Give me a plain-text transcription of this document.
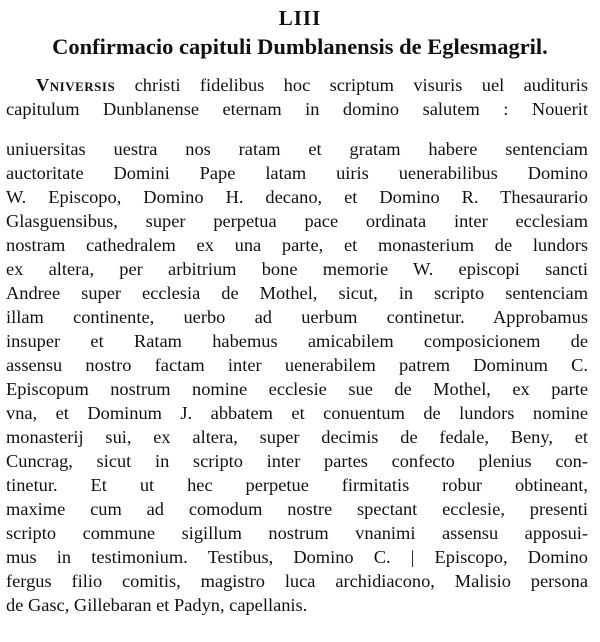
LIII
Confirmacio capituli Dumblanensis de Eglesmagril.
Vniversis christi fidelibus hoc scriptum visuris uel audituris
capitulum Dunblanense eternam in domino salutem : Nouerit
uniuersitas uestra nos ratam et gratam habere sentenciam
auctoritate Domini Pape latam uiris uenerabilibus Domino
W. Episcopo, Domino H. decano, et Domino R. Thesaurario
Glasguensibus, super perpetua pace ordinata inter ecclesiam
nostram cathedralem ex una parte, et monasterium de lundors
ex altera, per arbitrium bone memorie W. episcopi sancti
Andree super ecclesia de Mothel, sicut, in scripto sentenciam
illam continente, uerbo ad uerbum continetur. Approbamus
insuper et Ratam habemus amicabilem composicionem de
assensu nostro factam inter uenerabilem patrem Dominum C.
Episcopum nostrum nomine ecclesie sue de Mothel, ex parte
vna, et Dominum J. abbatem et conuentum de lundors nomine
monasterij sui, ex altera, super decimis de fedale, Beny, et
Cuncrag, sicut in scripto inter partes confecto plenius con-
tinetur. Et ut hec perpetue firmitatis robur obtineant,
maxime cum ad comodum nostre spectant ecclesie, presenti
scripto commune sigillum nostrum vnanimi assensu apposui-
mus in testimonium. Testibus, Domino C. | Episcopo, Domino
fergus filio comitis, magistro luca archidiacono, Malisio persona
de Gasc, Gillebaran et Padyn, capellanis.
